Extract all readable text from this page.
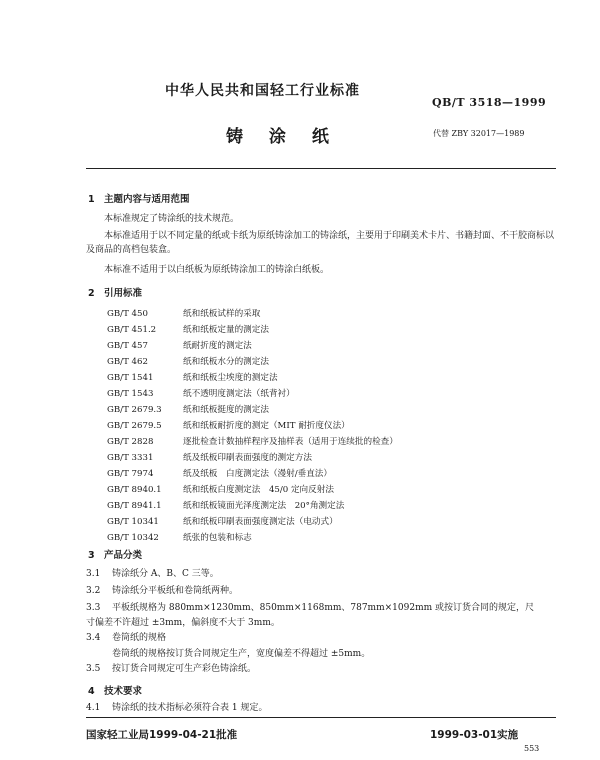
中华人民共和国轻工行业标准
QB/T 3518—1999
铸 涂 纸	代替 ZBY 32017—1989
1 主题内容与适用范围
本标准规定了铸涂纸的技术规范。
本标准适用于以不同定量的纸或卡纸为原纸铸涂加工的铸涂纸，主要用于印刷美术卡片、书籍封面、不干胶商标以及商品的高档包装盒。
本标准不适用于以白纸板为原纸铸涂加工的铸涂白纸板。
2 引用标准
GB/T 450	纸和纸板试样的采取
GB/T 451.2	纸和纸板定量的测定法
GB/T 457	纸耐折度的测定法
GB/T 462	纸和纸板水分的测定法
GB/T 1541	纸和纸板尘埃度的测定法
GB/T 1543	纸不透明度测定法（纸背衬）
GB/T 2679.3 纸和纸板挺度的测定法
GB/T 2679.5 纸和纸板耐折度的测定（MIT 耐折度仪法）
GB/T 2828	逐批检查计数抽样程序及抽样表（适用于连续批的检查）
GB/T 3331	纸及纸板印刷表面强度的测定方法
GB/T 7974	纸及纸板　白度测定法（漫射/垂直法）
GB/T 8940.1 纸和纸板白度测定法　45/0 定向反射法
GB/T 8941.1 纸和纸板镜面光泽度测定法　20°角测定法
GB/T 10341	纸和纸板印刷表面强度测定法（电动式）
GB/T 10342	纸张的包装和标志
3 产品分类
3.1 铸涂纸分 A、B、C 三等。
3.2 铸涂纸分平板纸和卷筒纸两种。
3.3 平板纸规格为 880mm×1230mm、850mm×1168mm、787mm×1092mm 或按订货合同的规定，尺
寸偏差不许超过 ±3mm，偏斜度不大于 3mm。
3.4 卷筒纸的规格
卷筒纸的规格按订货合同规定生产，宽度偏差不得超过 ±5mm。
3.5 按订货合同规定可生产彩色铸涂纸。
4 技术要求
4.1 铸涂纸的技术指标必须符合表 1 规定。
国家轻工业局1999-04-21批准	1999-03-01实施
553
